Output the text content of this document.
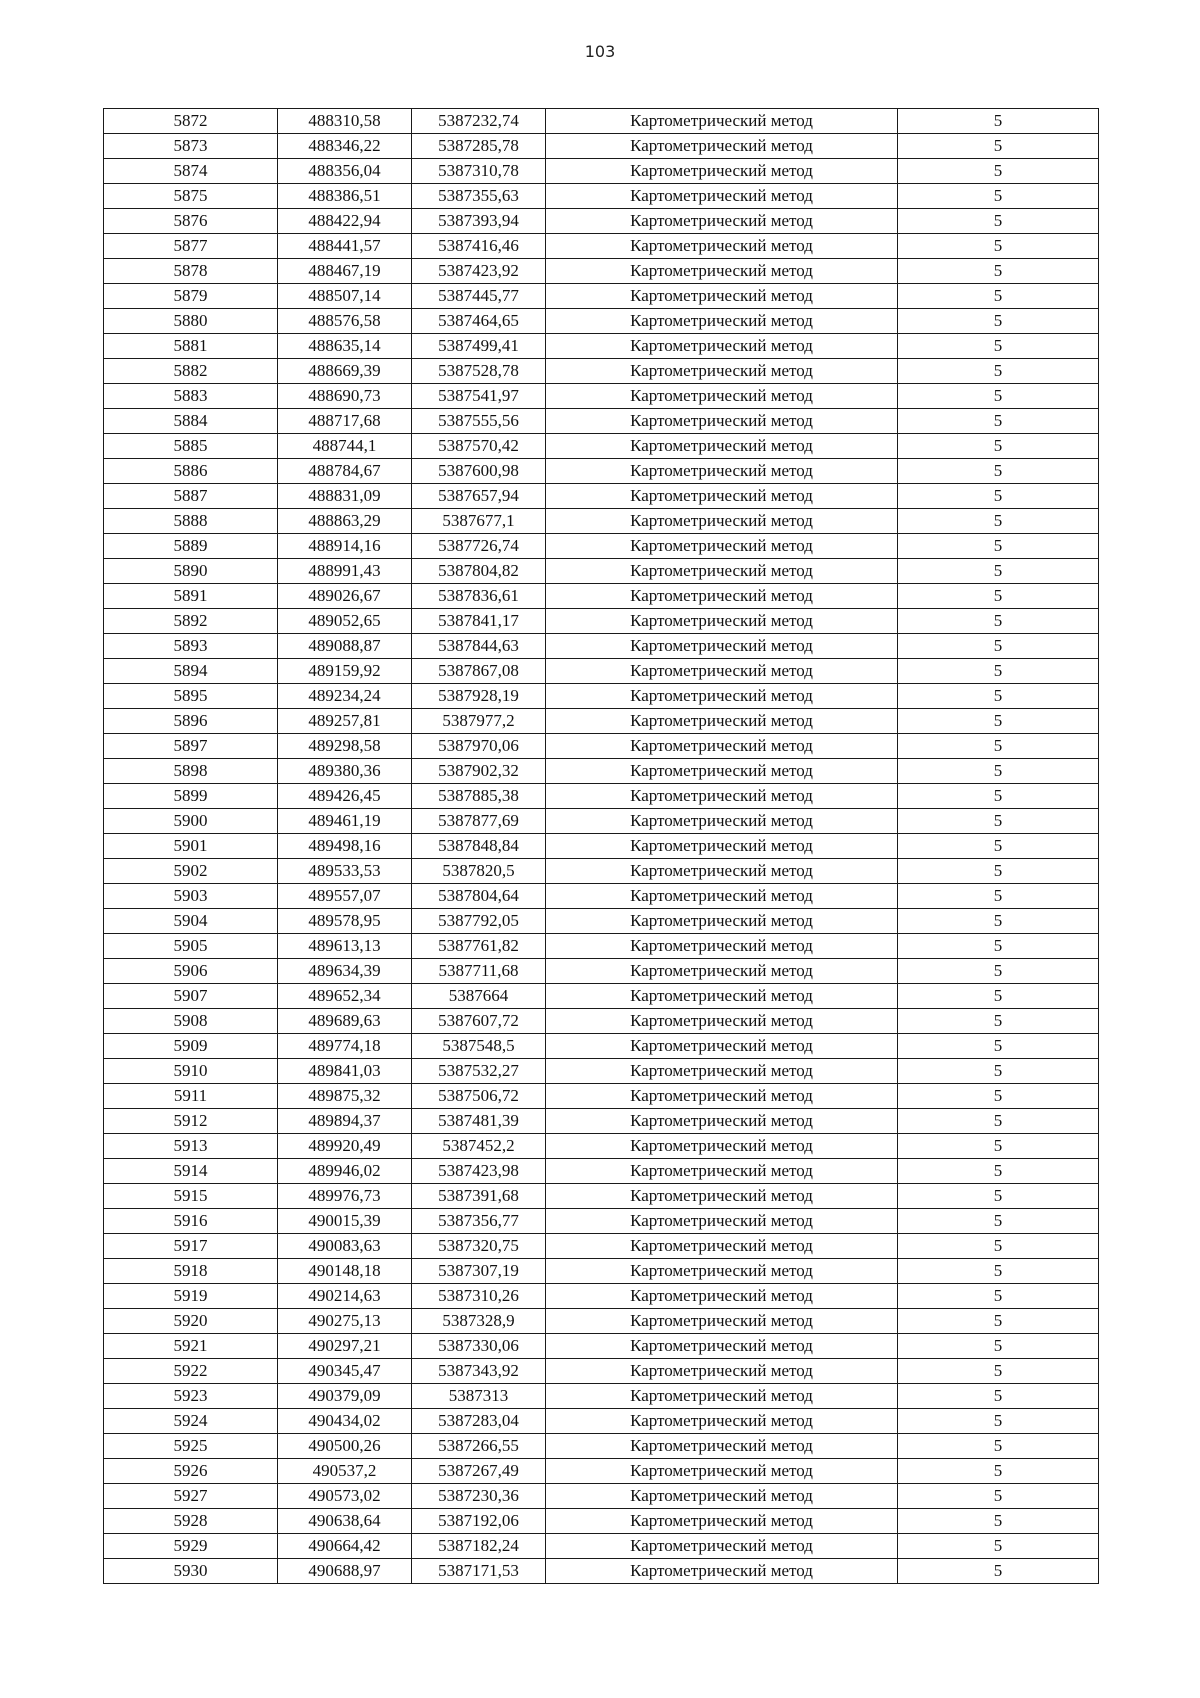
103
5872	488310,58	5387232,74	Картометрический метод	5
5873	488346,22	5387285,78	Картометрический метод	5
5874	488356,04	5387310,78	Картометрический метод	5
5875	488386,51	5387355,63	Картометрический метод	5
5876	488422,94	5387393,94	Картометрический метод	5
5877	488441,57	5387416,46	Картометрический метод	5
5878	488467,19	5387423,92	Картометрический метод	5
5879	488507,14	5387445,77	Картометрический метод	5
5880	488576,58	5387464,65	Картометрический метод	5
5881	488635,14	5387499,41	Картометрический метод	5
5882	488669,39	5387528,78	Картометрический метод	5
5883	488690,73	5387541,97	Картометрический метод	5
5884	488717,68	5387555,56	Картометрический метод	5
5885	488744,1	5387570,42	Картометрический метод	5
5886	488784,67	5387600,98	Картометрический метод	5
5887	488831,09	5387657,94	Картометрический метод	5
5888	488863,29	5387677,1	Картометрический метод	5
5889	488914,16	5387726,74	Картометрический метод	5
5890	488991,43	5387804,82	Картометрический метод	5
5891	489026,67	5387836,61	Картометрический метод	5
5892	489052,65	5387841,17	Картометрический метод	5
5893	489088,87	5387844,63	Картометрический метод	5
5894	489159,92	5387867,08	Картометрический метод	5
5895	489234,24	5387928,19	Картометрический метод	5
5896	489257,81	5387977,2	Картометрический метод	5
5897	489298,58	5387970,06	Картометрический метод	5
5898	489380,36	5387902,32	Картометрический метод	5
5899	489426,45	5387885,38	Картометрический метод	5
5900	489461,19	5387877,69	Картометрический метод	5
5901	489498,16	5387848,84	Картометрический метод	5
5902	489533,53	5387820,5	Картометрический метод	5
5903	489557,07	5387804,64	Картометрический метод	5
5904	489578,95	5387792,05	Картометрический метод	5
5905	489613,13	5387761,82	Картометрический метод	5
5906	489634,39	5387711,68	Картометрический метод	5
5907	489652,34	5387664	Картометрический метод	5
5908	489689,63	5387607,72	Картометрический метод	5
5909	489774,18	5387548,5	Картометрический метод	5
5910	489841,03	5387532,27	Картометрический метод	5
5911	489875,32	5387506,72	Картометрический метод	5
5912	489894,37	5387481,39	Картометрический метод	5
5913	489920,49	5387452,2	Картометрический метод	5
5914	489946,02	5387423,98	Картометрический метод	5
5915	489976,73	5387391,68	Картометрический метод	5
5916	490015,39	5387356,77	Картометрический метод	5
5917	490083,63	5387320,75	Картометрический метод	5
5918	490148,18	5387307,19	Картометрический метод	5
5919	490214,63	5387310,26	Картометрический метод	5
5920	490275,13	5387328,9	Картометрический метод	5
5921	490297,21	5387330,06	Картометрический метод	5
5922	490345,47	5387343,92	Картометрический метод	5
5923	490379,09	5387313	Картометрический метод	5
5924	490434,02	5387283,04	Картометрический метод	5
5925	490500,26	5387266,55	Картометрический метод	5
5926	490537,2	5387267,49	Картометрический метод	5
5927	490573,02	5387230,36	Картометрический метод	5
5928	490638,64	5387192,06	Картометрический метод	5
5929	490664,42	5387182,24	Картометрический метод	5
5930	490688,97	5387171,53	Картометрический метод	5
